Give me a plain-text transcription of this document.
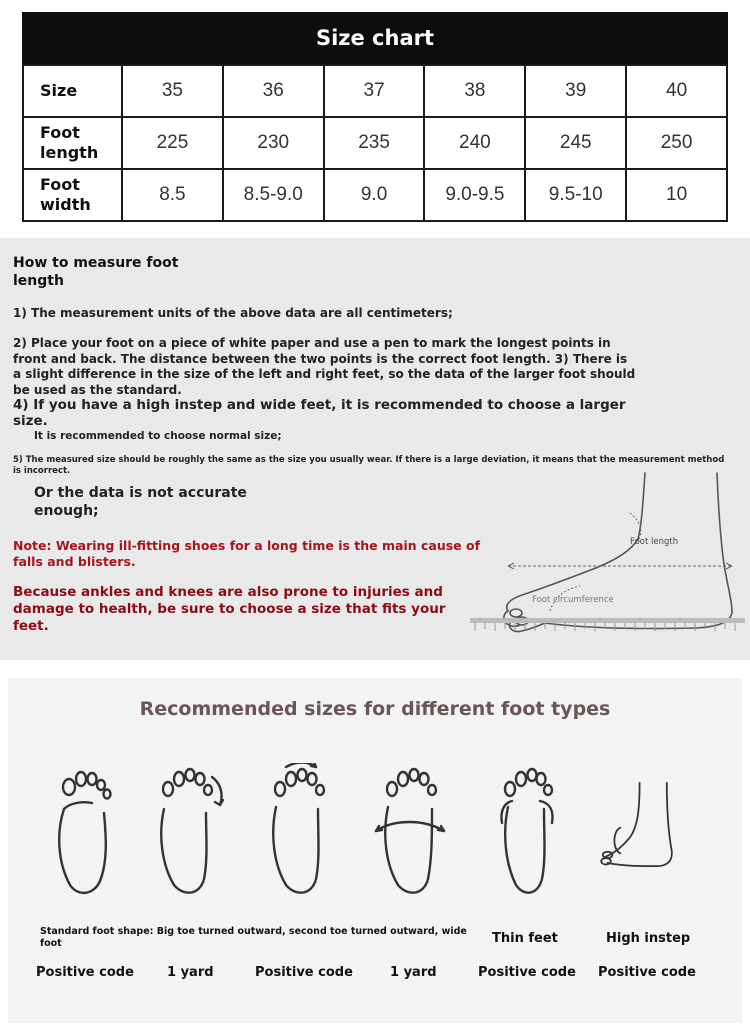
Size chart
Size	35	36	37	38	39	40
Foot length	225	230	235	240	245	250
Foot width	8.5	8.5-9.0	9.0	9.0-9.5	9.5-10	10
How to measure foot length
1) The measurement units of the above data are all centimeters;
2) Place your foot on a piece of white paper and use a pen to mark the longest points in front and back. The distance between the two points is the correct foot length. 3) There is a slight difference in the size of the left and right feet, so the data of the larger foot should be used as the standard.
4) If you have a high instep and wide feet, it is recommended to choose a larger size.
It is recommended to choose normal size;
5) The measured size should be roughly the same as the size you usually wear. If there is a large deviation, it means that the measurement method is incorrect.
Or the data is not accurate enough;
Note: Wearing ill-fitting shoes for a long time is the main cause of falls and blisters.
Because ankles and knees are also prone to injuries and damage to health, be sure to choose a size that fits your feet.
Foot length
Foot circumference
Recommended sizes for different foot types
Standard foot shape: Big toe turned outward, second toe turned outward, wide foot	Thin feet	High instep
Positive code	1 yard	Positive code	1 yard	Positive code Positive code
